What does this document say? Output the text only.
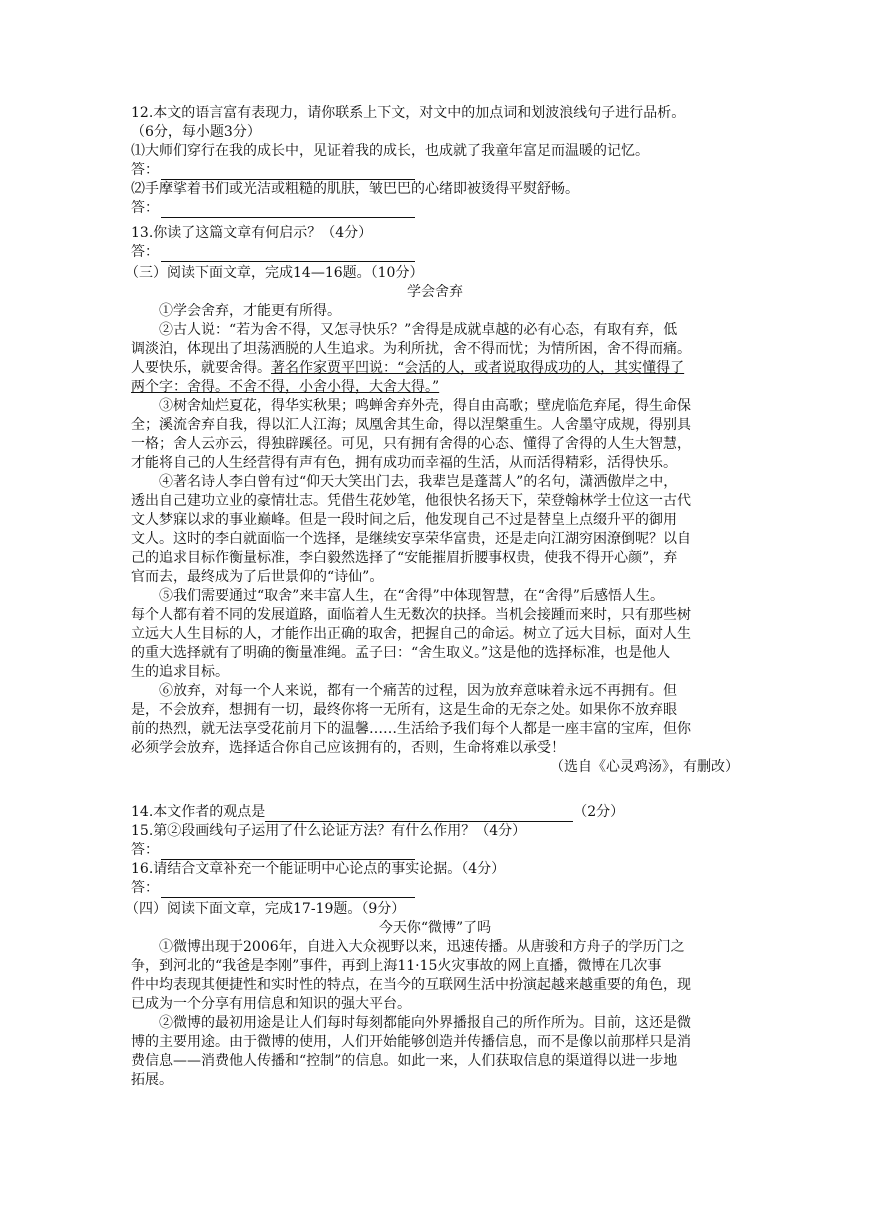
12.本文的语言富有表现力，请你联系上下文，对文中的加点词和划波浪线句子进行品析。
（6分，每小题3分）
⑴大师们穿行在我的成长中，见证着我的成长，也成就了我童年富足而温暖的记忆。
答：
⑵手摩挲着书们或光洁或粗糙的肌肤，皱巴巴的心绪即被烫得平熨舒畅。
答：
13.你读了这篇文章有何启示？（4分）
答：
（三）阅读下面文章，完成14—16题。（10分）
学会舍弃
①学会舍弃，才能更有所得。
②古人说：“若为舍不得，又怎寻快乐？”舍得是成就卓越的必有心态，有取有弃，低
调淡泊，体现出了坦荡洒脱的人生追求。为利所扰，舍不得而忧；为情所困，舍不得而痛。
人要快乐，就要舍得。著名作家贾平凹说：“会活的人，或者说取得成功的人，其实懂得了
两个字：舍得。不舍不得，小舍小得，大舍大得。”
③树舍灿烂夏花，得华实秋果；鸣蝉舍弃外壳，得自由高歌；壁虎临危弃尾，得生命保
全；溪流舍弃自我，得以汇人江海；凤凰舍其生命，得以涅槃重生。人舍墨守成规，得别具
一格；舍人云亦云，得独辟蹊径。可见，只有拥有舍得的心态、懂得了舍得的人生大智慧，
才能将自己的人生经营得有声有色，拥有成功而幸福的生活，从而活得精彩，活得快乐。
④著名诗人李白曾有过“仰天大笑出门去，我辈岂是蓬蒿人”的名句，潇洒傲岸之中，
透出自己建功立业的豪情壮志。凭借生花妙笔，他很快名扬天下，荣登翰林学士位这一古代
文人梦寐以求的事业巅峰。但是一段时间之后，他发现自己不过是替皇上点缀升平的御用
文人。这时的李白就面临一个选择，是继续安享荣华富贵，还是走向江湖穷困潦倒呢？以自
己的追求目标作衡量标准，李白毅然选择了“安能摧眉折腰事权贵，使我不得开心颜”，弃
官而去，最终成为了后世景仰的“诗仙”。
⑤我们需要通过“取舍”来丰富人生，在“舍得”中体现智慧，在“舍得”后感悟人生。
每个人都有着不同的发展道路，面临着人生无数次的抉择。当机会接踵而来时，只有那些树
立远大人生目标的人，才能作出正确的取舍，把握自己的命运。树立了远大目标，面对人生
的重大选择就有了明确的衡量准绳。孟子曰：“舍生取义。”这是他的选择标准，也是他人
生的追求目标。
⑥放弃，对每一个人来说，都有一个痛苦的过程，因为放弃意味着永远不再拥有。但
是，不会放弃，想拥有一切，最终你将一无所有，这是生命的无奈之处。如果你不放弃眼
前的热烈，就无法享受花前月下的温馨……生活给予我们每个人都是一座丰富的宝库，但你
必须学会放弃，选择适合你自己应该拥有的，否则，生命将难以承受！
（选自《心灵鸡汤》，有删改）
14.本文作者的观点是	（2分）
15.第②段画线句子运用了什么论证方法？有什么作用？（4分）
答：
16.请结合文章补充一个能证明中心论点的事实论据。（4分）
答：
（四）阅读下面文章，完成17-19题。（9分）
今天你“微博”了吗
①微博出现于2006年，自进入大众视野以来，迅速传播。从唐骏和方舟子的学历门之
争，到河北的“我爸是李刚”事件，再到上海11·15火灾事故的网上直播，微博在几次事
件中均表现其便捷性和实时性的特点，在当今的互联网生活中扮演起越来越重要的角色，现
已成为一个分享有用信息和知识的强大平台。
②微博的最初用途是让人们每时每刻都能向外界播报自己的所作所为。目前，这还是微
博的主要用途。由于微博的使用，人们开始能够创造并传播信息，而不是像以前那样只是消
费信息——消费他人传播和“控制”的信息。如此一来，人们获取信息的渠道得以进一步地
拓展。
